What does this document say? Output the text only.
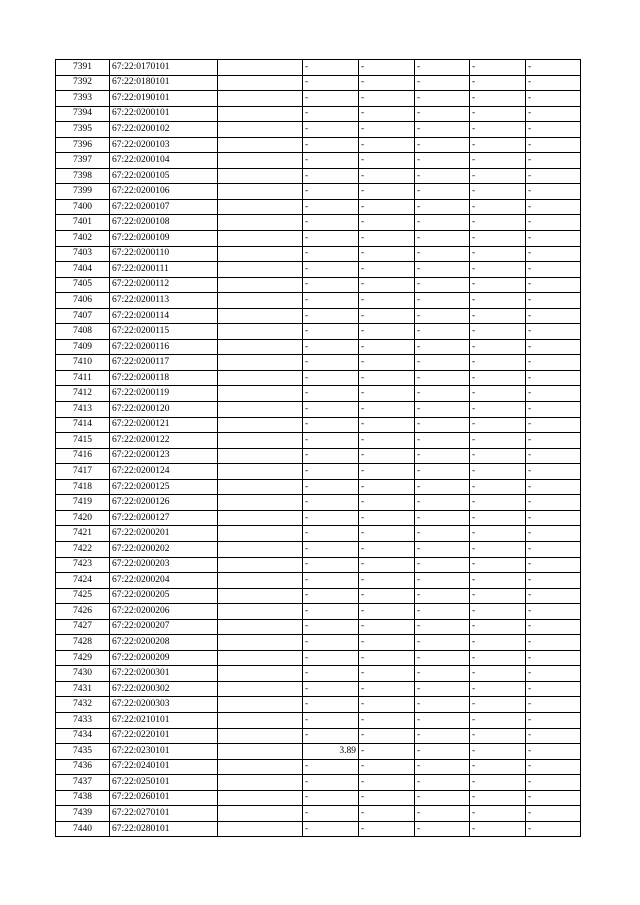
7391	67:22:0170101		-	-	-	-	-
7392	67:22:0180101		-	-	-	-	-
7393	67:22:0190101		-	-	-	-	-
7394	67:22:0200101		-	-	-	-	-
7395	67:22:0200102		-	-	-	-	-
7396	67:22:0200103		-	-	-	-	-
7397	67:22:0200104		-	-	-	-	-
7398	67:22:0200105		-	-	-	-	-
7399	67:22:0200106		-	-	-	-	-
7400	67:22:0200107		-	-	-	-	-
7401	67:22:0200108		-	-	-	-	-
7402	67:22:0200109		-	-	-	-	-
7403	67:22:0200110		-	-	-	-	-
7404	67:22:0200111		-	-	-	-	-
7405	67:22:0200112		-	-	-	-	-
7406	67:22:0200113		-	-	-	-	-
7407	67:22:0200114		-	-	-	-	-
7408	67:22:0200115		-	-	-	-	-
7409	67:22:0200116		-	-	-	-	-
7410	67:22:0200117		-	-	-	-	-
7411	67:22:0200118		-	-	-	-	-
7412	67:22:0200119		-	-	-	-	-
7413	67:22:0200120		-	-	-	-	-
7414	67:22:0200121		-	-	-	-	-
7415	67:22:0200122		-	-	-	-	-
7416	67:22:0200123		-	-	-	-	-
7417	67:22:0200124		-	-	-	-	-
7418	67:22:0200125		-	-	-	-	-
7419	67:22:0200126		-	-	-	-	-
7420	67:22:0200127		-	-	-	-	-
7421	67:22:0200201		-	-	-	-	-
7422	67:22:0200202		-	-	-	-	-
7423	67:22:0200203		-	-	-	-	-
7424	67:22:0200204		-	-	-	-	-
7425	67:22:0200205		-	-	-	-	-
7426	67:22:0200206		-	-	-	-	-
7427	67:22:0200207		-	-	-	-	-
7428	67:22:0200208		-	-	-	-	-
7429	67:22:0200209		-	-	-	-	-
7430	67:22:0200301		-	-	-	-	-
7431	67:22:0200302		-	-	-	-	-
7432	67:22:0200303		-	-	-	-	-
7433	67:22:0210101		-	-	-	-	-
7434	67:22:0220101		-	-	-	-	-
7435	67:22:0230101		3.89	-	-	-	-
7436	67:22:0240101		-	-	-	-	-
7437	67:22:0250101		-	-	-	-	-
7438	67:22:0260101		-	-	-	-	-
7439	67:22:0270101		-	-	-	-	-
7440	67:22:0280101		-	-	-	-	-
